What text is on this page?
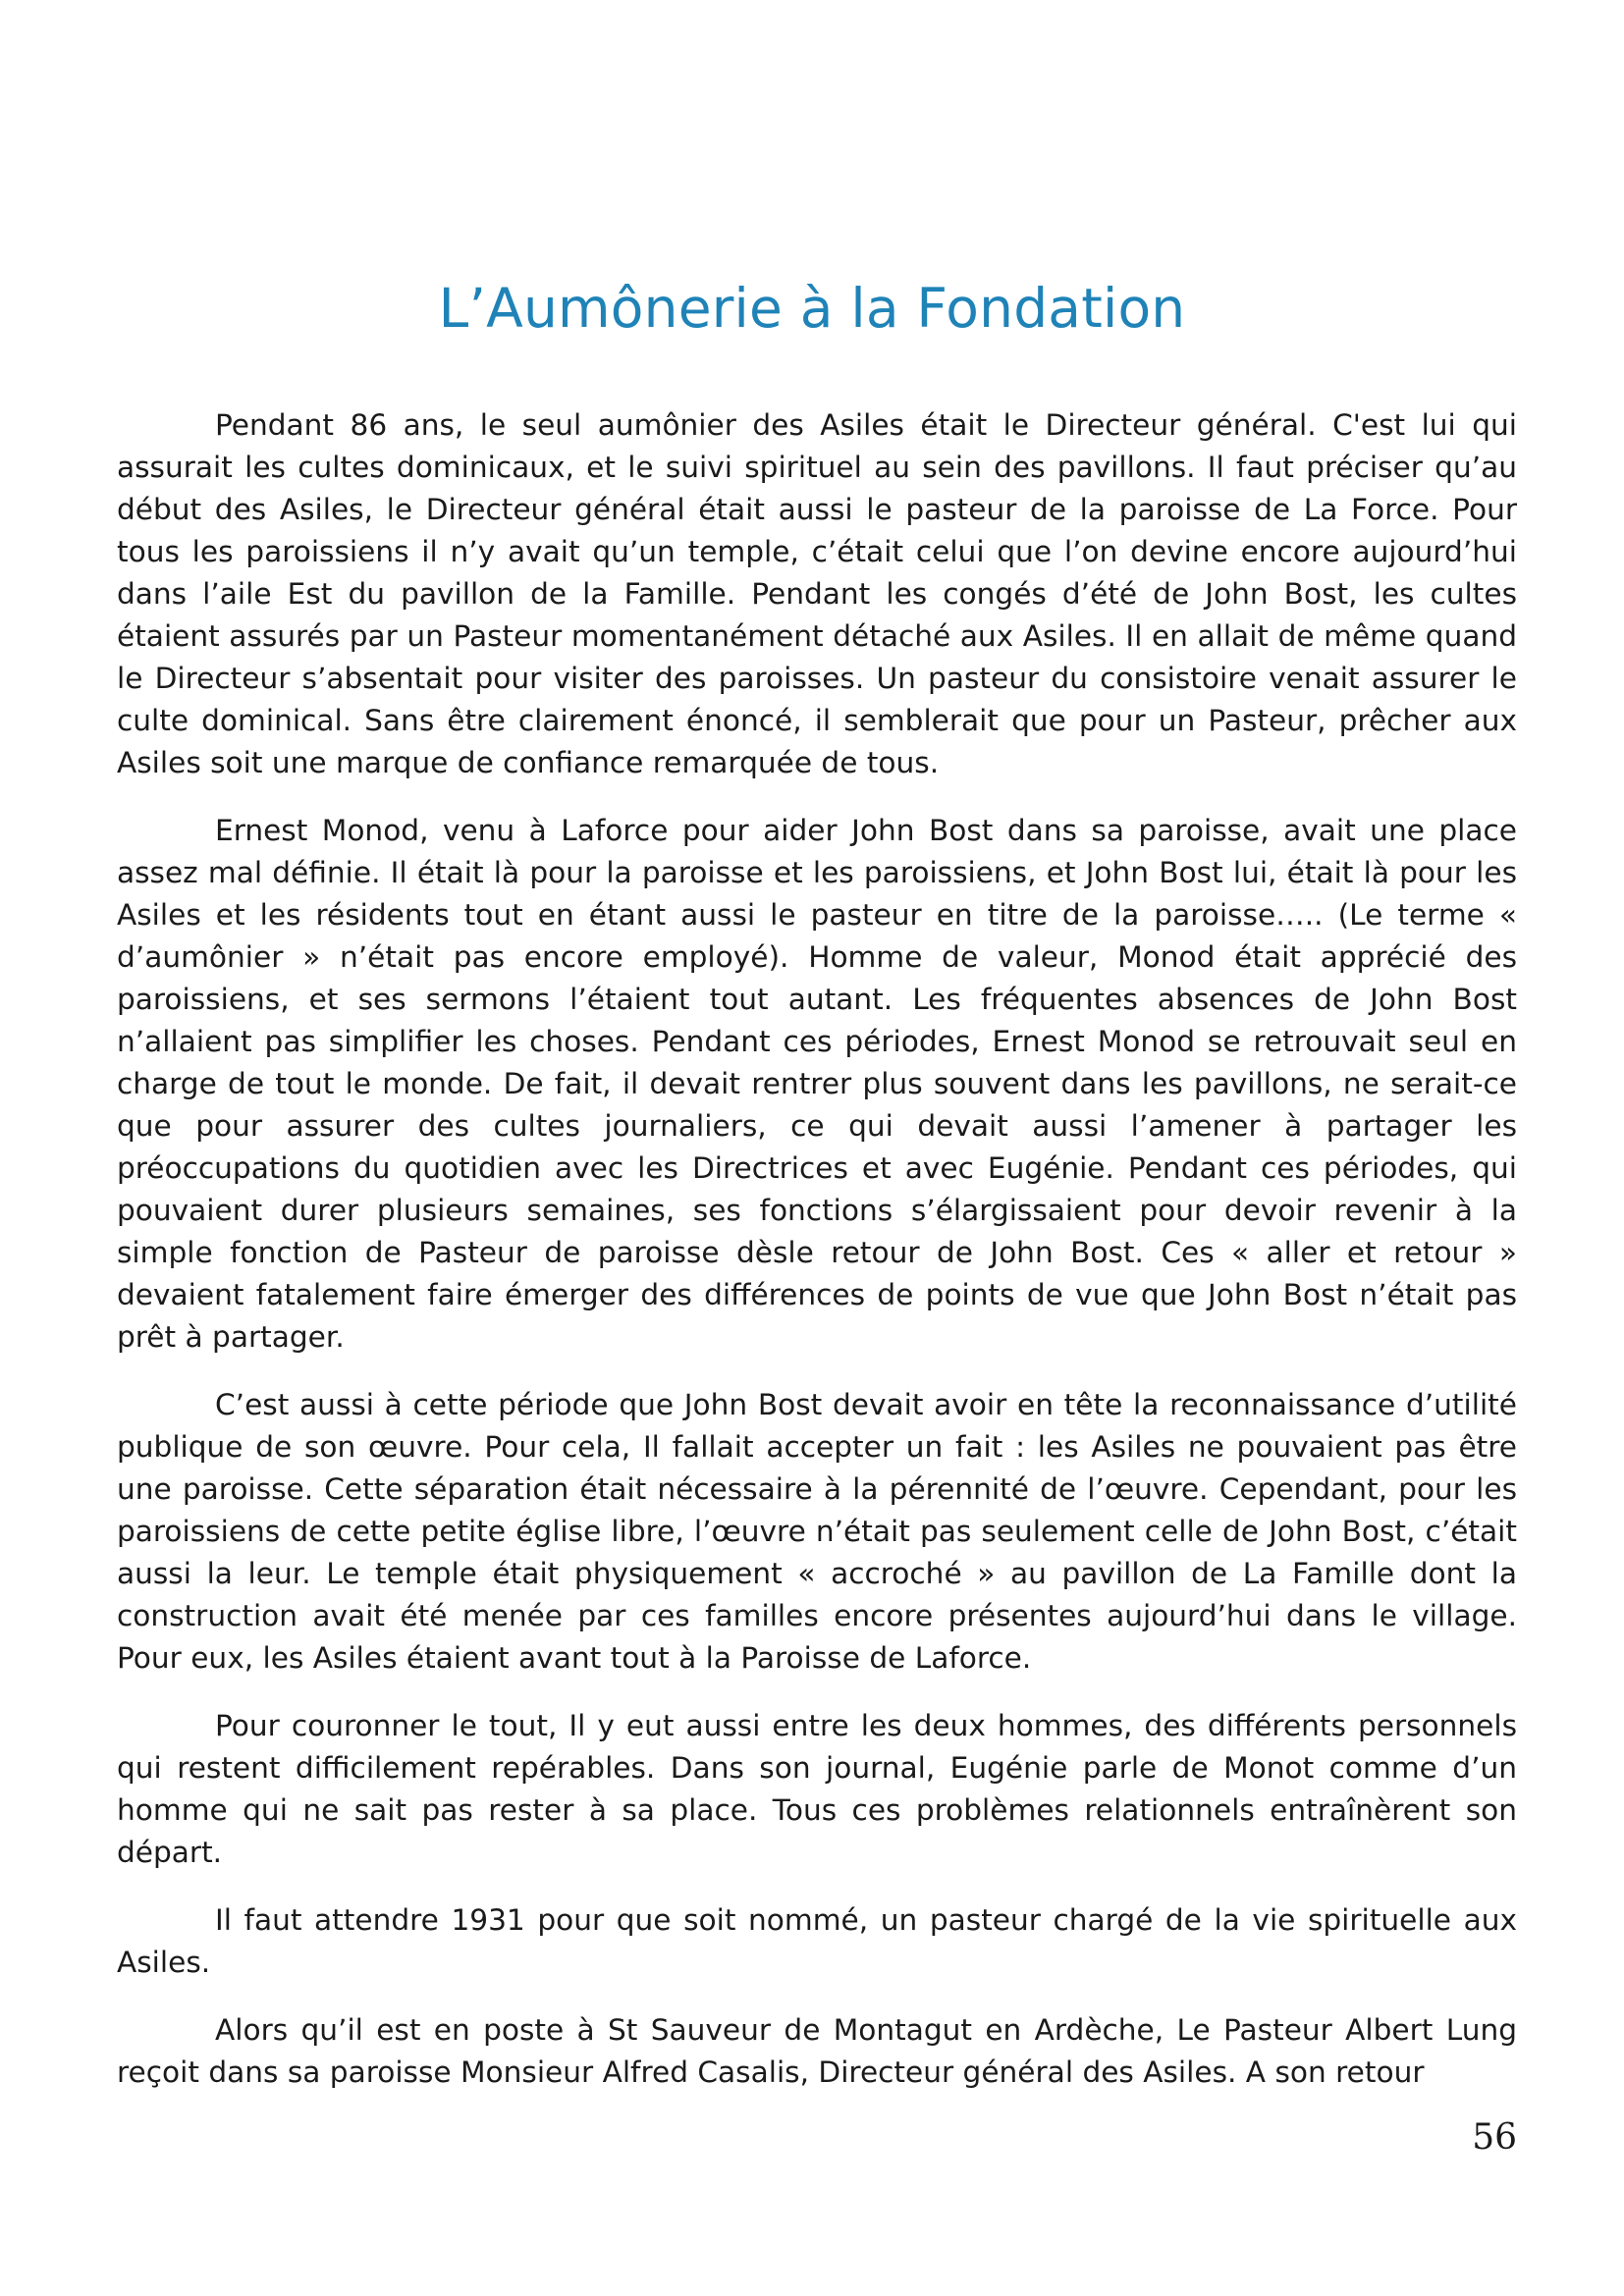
L’Aumônerie à la Fondation

Pendant 86 ans, le seul aumônier des Asiles était le Directeur général. C'est lui qui assurait les cultes dominicaux, et le suivi spirituel au sein des pavillons. Il faut préciser qu’au début des Asiles, le Directeur général était aussi le pasteur de la paroisse de La Force. Pour tous les paroissiens il n’y avait qu’un temple, c’était celui que l’on devine encore aujourd’hui dans l’aile Est du pavillon de la Famille. Pendant les congés d’été de John Bost, les cultes étaient assurés par un Pasteur momentanément détaché aux Asiles. Il en allait de même quand le Directeur s’absentait pour visiter des paroisses. Un pasteur du consistoire venait assurer le culte dominical. Sans être clairement énoncé, il semblerait que pour un Pasteur, prêcher aux Asiles soit une marque de confiance remarquée de tous.

Ernest Monod, venu à Laforce pour aider John Bost dans sa paroisse, avait une place assez mal définie. Il était là pour la paroisse et les paroissiens, et John Bost lui, était là pour les Asiles et les résidents tout en étant aussi le pasteur en titre de la paroisse….. (Le terme « d’aumônier » n’était pas encore employé). Homme de valeur, Monod était apprécié des paroissiens, et ses sermons l’étaient tout autant. Les fréquentes absences de John Bost n’allaient pas simplifier les choses. Pendant ces périodes, Ernest Monod se retrouvait seul en charge de tout le monde. De fait, il devait rentrer plus souvent dans les pavillons, ne serait-ce que pour assurer des cultes journaliers, ce qui devait aussi l’amener à partager les préoccupations du quotidien avec les Directrices et avec Eugénie. Pendant ces périodes, qui pouvaient durer plusieurs semaines, ses fonctions s’élargissaient pour devoir revenir à la simple fonction de Pasteur de paroisse dèsle retour de John Bost. Ces « aller et retour » devaient fatalement faire émerger des différences de points de vue que John Bost n’était pas prêt à partager.

C’est aussi à cette période que John Bost devait avoir en tête la reconnaissance d’utilité publique de son œuvre. Pour cela, Il fallait accepter un fait : les Asiles ne pouvaient pas être une paroisse. Cette séparation était nécessaire à la pérennité de l’œuvre. Cependant, pour les paroissiens de cette petite église libre, l’œuvre n’était pas seulement celle de John Bost, c’était aussi la leur. Le temple était physiquement « accroché » au pavillon de La Famille dont la construction avait été menée par ces familles encore présentes aujourd’hui dans le village. Pour eux, les Asiles étaient avant tout à la Paroisse de Laforce.

Pour couronner le tout, Il y eut aussi entre les deux hommes, des différents personnels qui restent difficilement repérables. Dans son journal, Eugénie parle de Monot comme d’un homme qui ne sait pas rester à sa place. Tous ces problèmes relationnels entraînèrent son départ.

Il faut attendre 1931 pour que soit nommé, un pasteur chargé de la vie spirituelle aux Asiles.

Alors qu’il est en poste à St Sauveur de Montagut en Ardèche, Le Pasteur Albert Lung reçoit dans sa paroisse Monsieur Alfred Casalis, Directeur général des Asiles. A son retour

56
